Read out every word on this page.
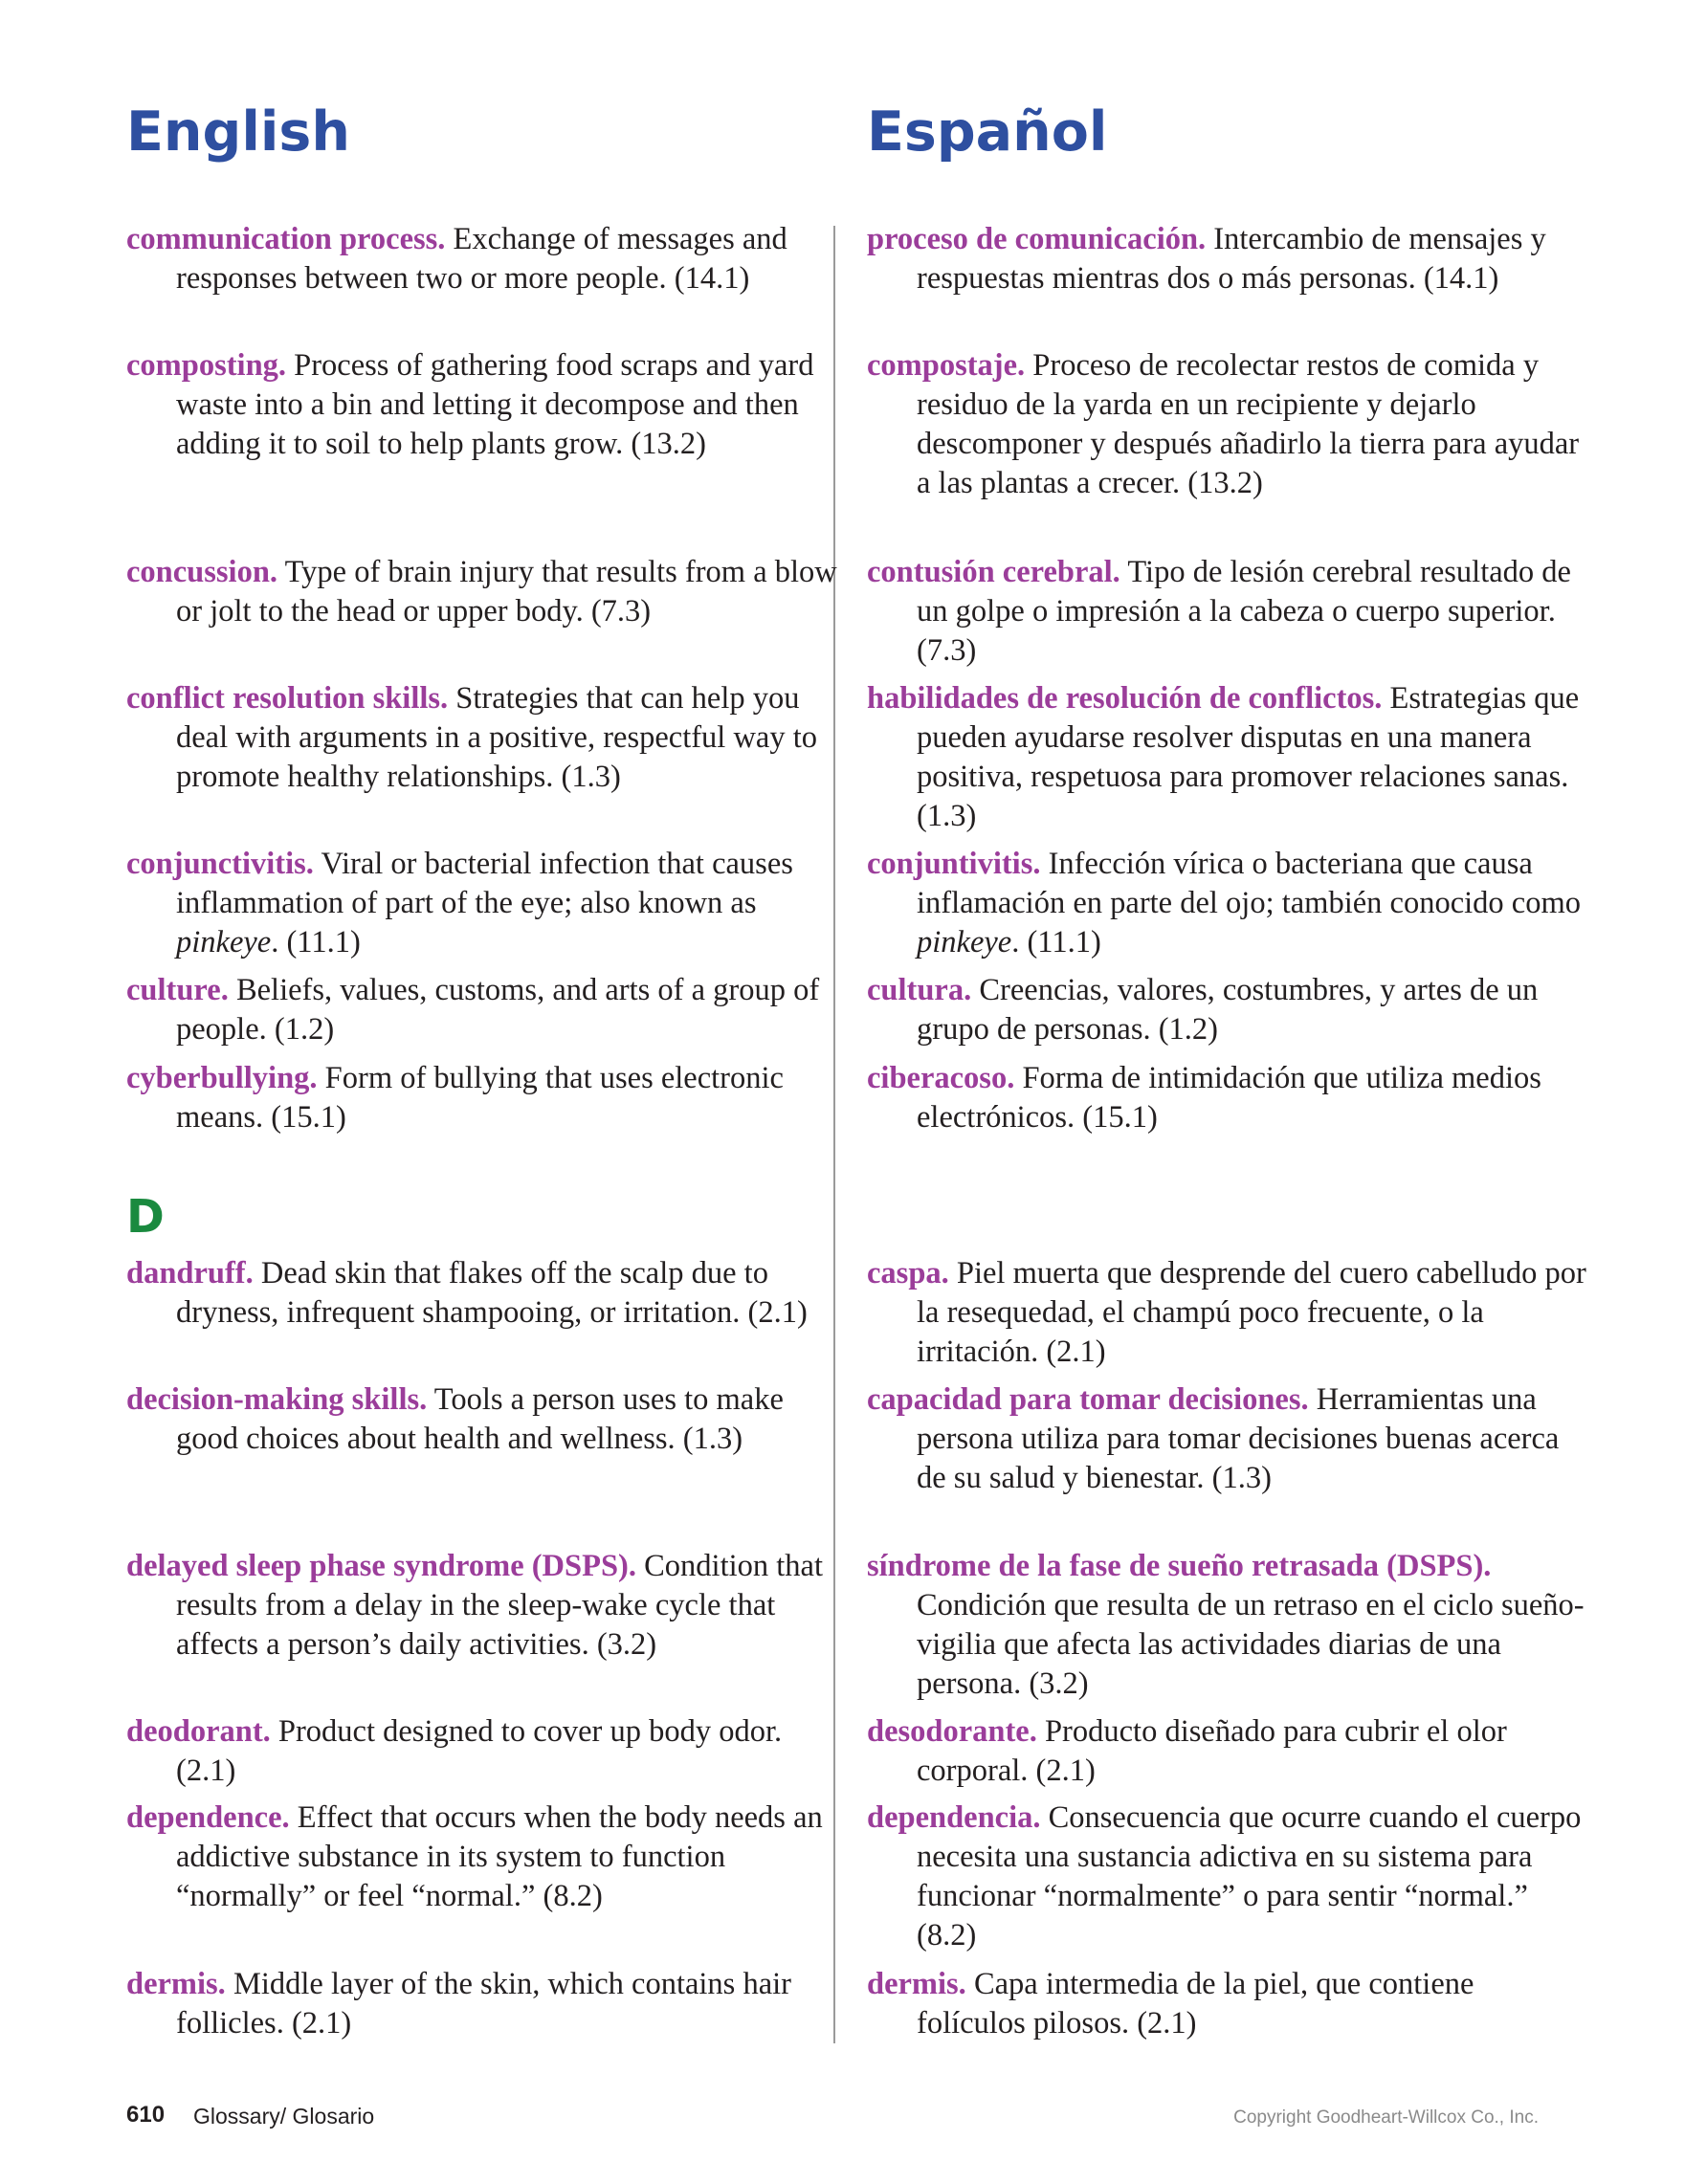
English	Español
D

communication process. Exchange of messages and responses between two or more people. (14.1)

composting. Process of gathering food scraps and yard waste into a bin and letting it decompose and then adding it to soil to help plants grow. (13.2)

concussion. Type of brain injury that results from a blow or jolt to the head or upper body. (7.3)

conflict resolution skills. Strategies that can help you deal with arguments in a positive, respectful way to promote healthy relationships. (1.3)

conjunctivitis. Viral or bacterial infection that causes inflammation of part of the eye; also known as pinkeye. (11.1)

culture. Beliefs, values, customs, and arts of a group of people. (1.2)

cyberbullying. Form of bullying that uses electronic means. (15.1)

dandruff. Dead skin that flakes off the scalp due to dryness, infrequent shampooing, or irritation. (2.1)

decision-making skills. Tools a person uses to make good choices about health and wellness. (1.3)

delayed sleep phase syndrome (DSPS). Condition that results from a delay in the sleep-wake cycle that affects a person’s daily activities. (3.2)

deodorant. Product designed to cover up body odor. (2.1)

dependence. Effect that occurs when the body needs an addictive substance in its system to function “normally” or feel “normal.” (8.2)

dermis. Middle layer of the skin, which contains hair follicles. (2.1)

proceso de comunicación. Intercambio de mensajes y respuestas mientras dos o más personas. (14.1)

compostaje. Proceso de recolectar restos de comida y residuo de la yarda en un recipiente y dejarlo descomponer y después añadirlo la tierra para ayudar a las plantas a crecer. (13.2)

contusión cerebral. Tipo de lesión cerebral resultado de un golpe o impresión a la cabeza o cuerpo superior. (7.3)

habilidades de resolución de conflictos. Estrategias que pueden ayudarse resolver disputas en una manera positiva, respetuosa para promover relaciones sanas. (1.3)

conjuntivitis. Infección vírica o bacteriana que causa inflamación en parte del ojo; también conocido como pinkeye. (11.1)

cultura. Creencias, valores, costumbres, y artes de un grupo de personas. (1.2)

ciberacoso. Forma de intimidación que utiliza medios electrónicos. (15.1)

caspa. Piel muerta que desprende del cuero cabelludo por la resequedad, el champú poco frecuente, o la irritación. (2.1)

capacidad para tomar decisiones. Herramientas una persona utiliza para tomar decisiones buenas acerca de su salud y bienestar. (1.3)

síndrome de la fase de sueño retrasada (DSPS). Condición que resulta de un retraso en el ciclo sueño-vigilia que afecta las actividades diarias de una persona. (3.2)

desodorante. Producto diseñado para cubrir el olor corporal. (2.1)

dependencia. Consecuencia que ocurre cuando el cuerpo necesita una sustancia adictiva en su sistema para funcionar “normalmente” o para sentir “normal.” (8.2)

dermis. Capa intermedia de la piel, que contiene folículos pilosos. (2.1)

610 Glossary/ Glosario	Copyright Goodheart-Willcox Co., Inc.
